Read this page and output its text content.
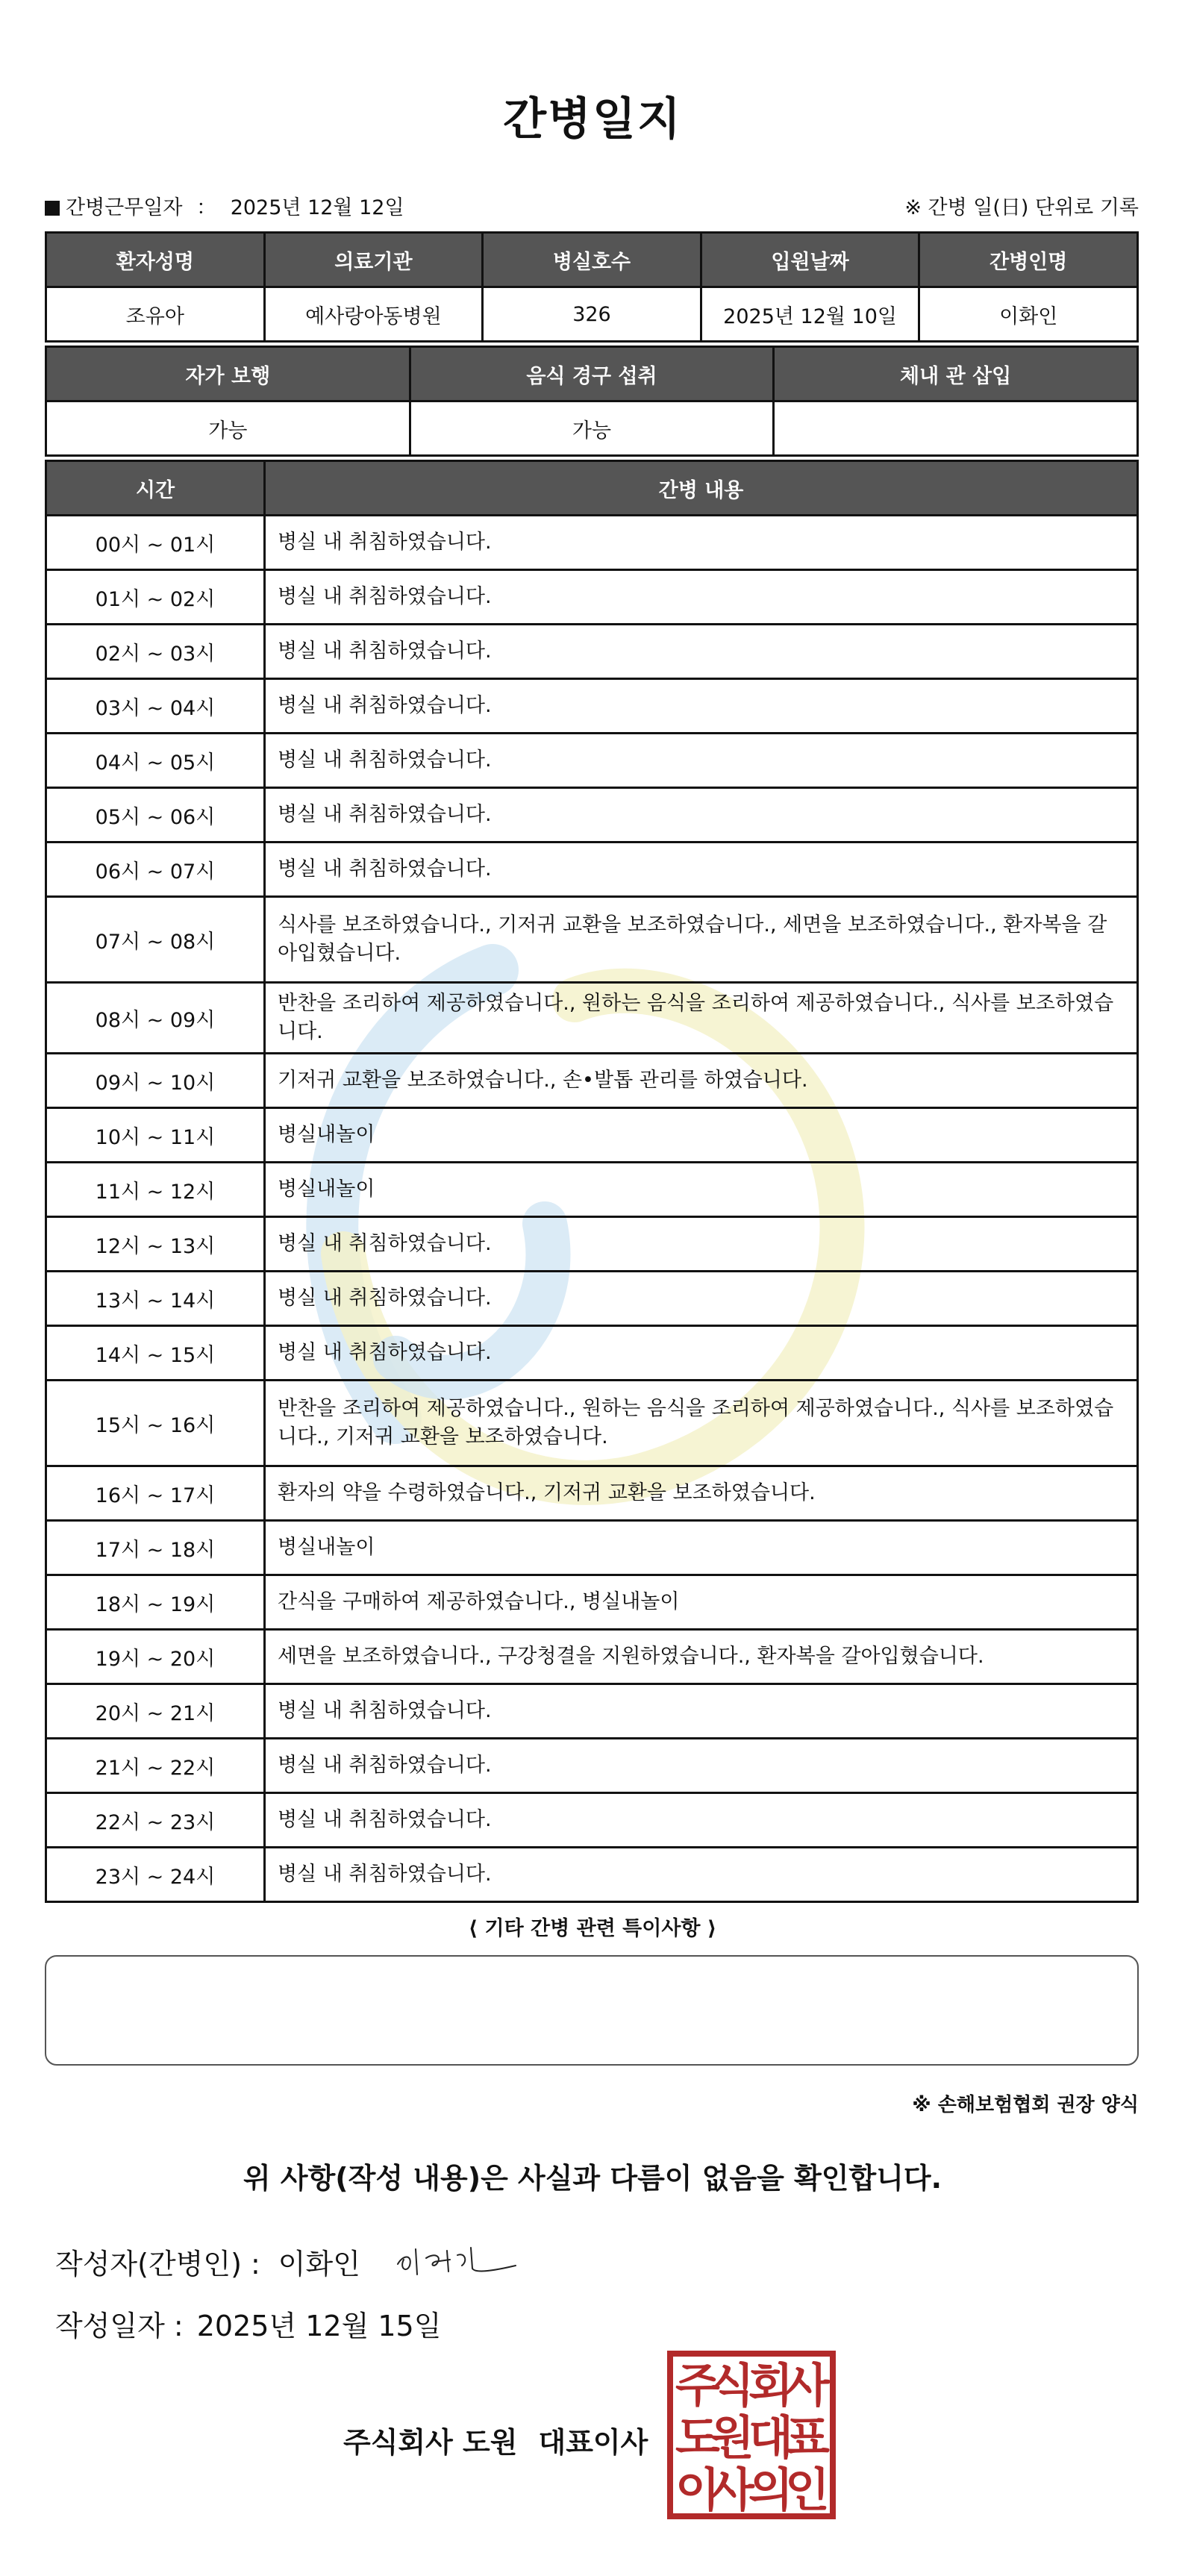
간병일지
간병근무일자 ： 2025년 12월 12일	※ 간병 일(日) 단위로 기록
환자성명	의료기관	병실호수	입원날짜	간병인명
조유아	예사랑아동병원	326	2025년 12월 10일	이화인
자가 보행	음식 경구 섭취	체내 관 삽입
가능	가능	
시간	간병 내용
00시 ~ 01시	병실 내 취침하였습니다.
01시 ~ 02시	병실 내 취침하였습니다.
02시 ~ 03시	병실 내 취침하였습니다.
03시 ~ 04시	병실 내 취침하였습니다.
04시 ~ 05시	병실 내 취침하였습니다.
05시 ~ 06시	병실 내 취침하였습니다.
06시 ~ 07시	병실 내 취침하였습니다.
07시 ~ 08시	식사를 보조하였습니다., 기저귀 교환을 보조하였습니다., 세면을 보조하였습니다., 환자복을 갈아입혔습니다.
08시 ~ 09시	반찬을 조리하여 제공하였습니다., 원하는 음식을 조리하여 제공하였습니다., 식사를 보조하였습니다.
09시 ~ 10시	기저귀 교환을 보조하였습니다., 손•발톱 관리를 하였습니다.
10시 ~ 11시	병실내놀이
11시 ~ 12시	병실내놀이
12시 ~ 13시	병실 내 취침하였습니다.
13시 ~ 14시	병실 내 취침하였습니다.
14시 ~ 15시	병실 내 취침하였습니다.
15시 ~ 16시	반찬을 조리하여 제공하였습니다., 원하는 음식을 조리하여 제공하였습니다., 식사를 보조하였습니다., 기저귀 교환을 보조하였습니다.
16시 ~ 17시	환자의 약을 수령하였습니다., 기저귀 교환을 보조하였습니다.
17시 ~ 18시	병실내놀이
18시 ~ 19시	간식을 구매하여 제공하였습니다., 병실내놀이
19시 ~ 20시	세면을 보조하였습니다., 구강청결을 지원하였습니다., 환자복을 갈아입혔습니다.
20시 ~ 21시	병실 내 취침하였습니다.
21시 ~ 22시	병실 내 취침하였습니다.
22시 ~ 23시	병실 내 취침하였습니다.
23시 ~ 24시	병실 내 취침하였습니다.
⟨ 기타 간병 관련 특이사항 ⟩
※ 손해보험협회 권장 양식
위 사항(작성 내용)은 사실과 다름이 없음을 확인합니다.
작성자(간병인) : 이화인
작성일자 : 2025년 12월 15일
주식회사 도원 대표이사
주
식
회
사
도
원
대
표
이
사
의
인
